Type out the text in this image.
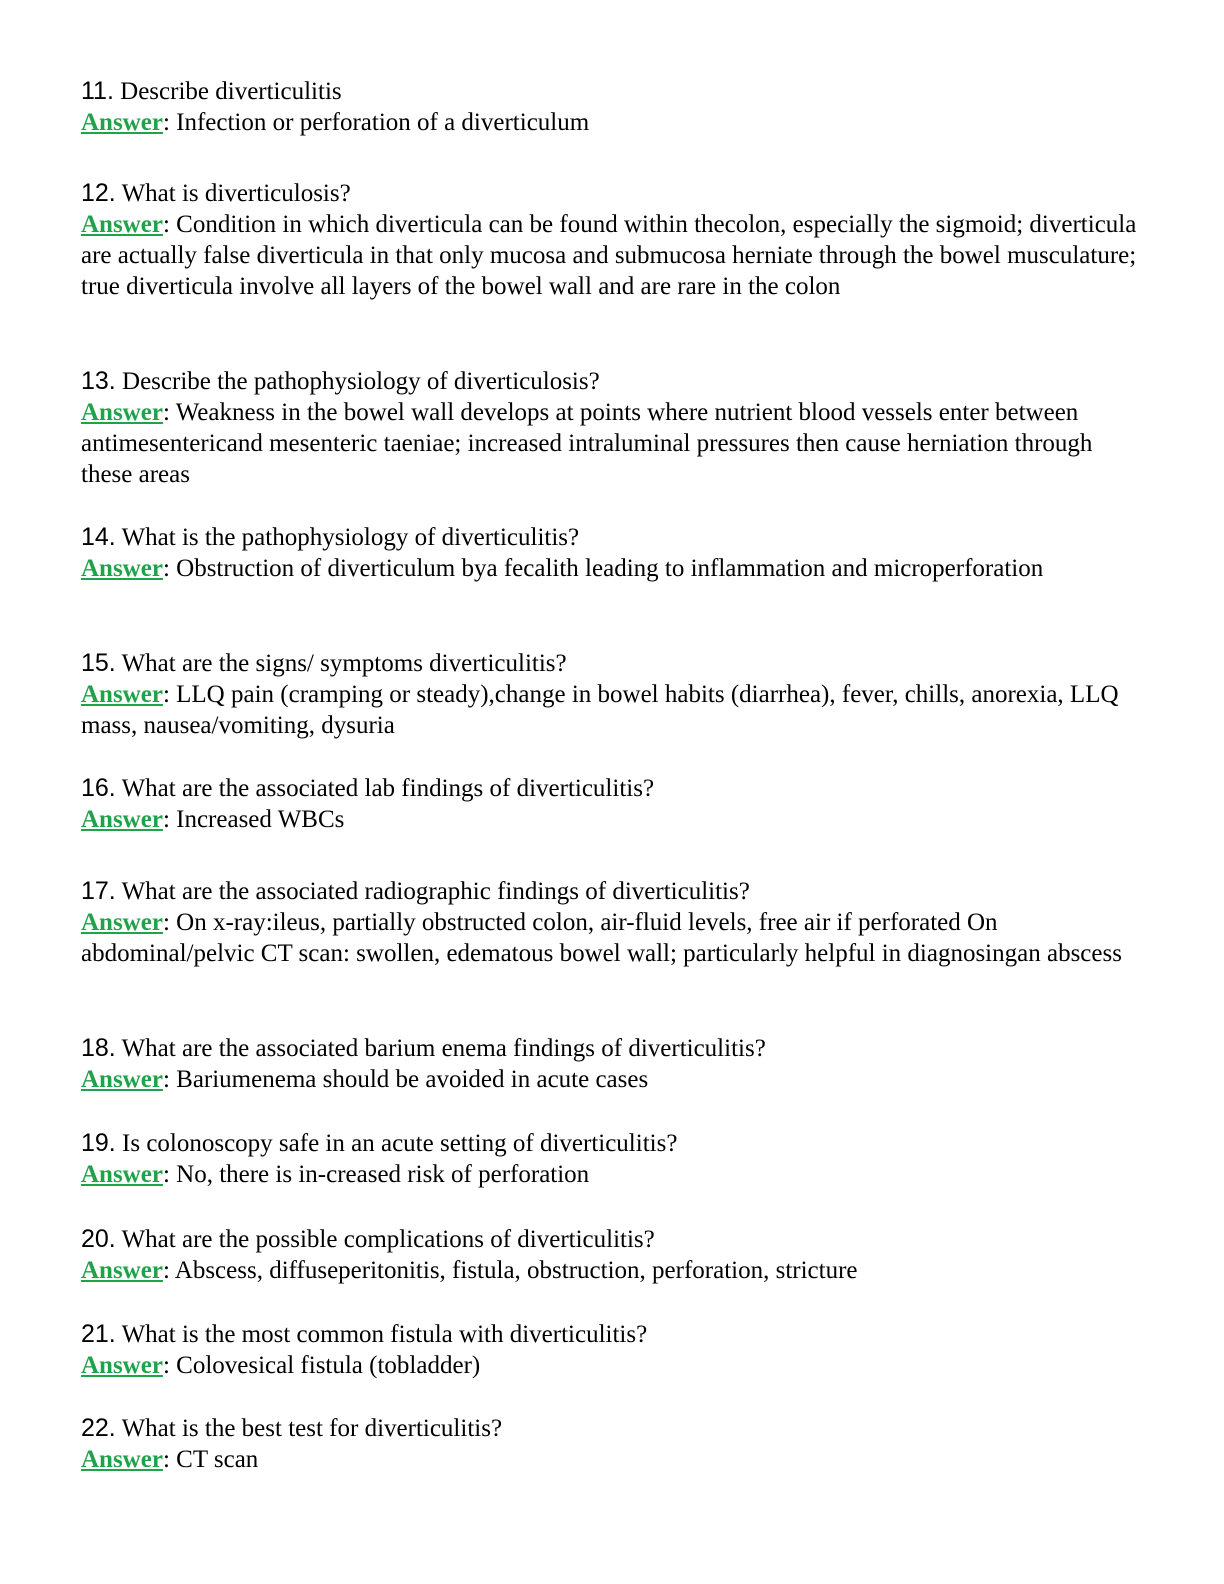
11. Describe diverticulitis

Answer: Infection or perforation of a diverticulum

12. What is diverticulosis?

Answer: Condition in which diverticula can be found within thecolon, especially the sigmoid; diverticula are actually false diverticula in that only mucosa and submucosa herniate through the bowel musculature; true diverticula involve all layers of the bowel wall and are rare in the colon

13. Describe the pathophysiology of diverticulosis?

Answer: Weakness in the bowel wall develops at points where nutrient blood vessels enter between antimesentericand mesenteric taeniae; increased intraluminal pressures then cause herniation through these areas

14. What is the pathophysiology of diverticulitis?

Answer: Obstruction of diverticulum bya fecalith leading to inflammation and microperforation

15. What are the signs/ symptoms diverticulitis?

Answer: LLQ pain (cramping or steady),change in bowel habits (diarrhea), fever, chills, anorexia, LLQ mass, nausea/vomiting, dysuria

16. What are the associated lab findings of diverticulitis?

Answer: Increased WBCs

17. What are the associated radiographic findings of diverticulitis?

Answer: On x-ray:ileus, partially obstructed colon, air-fluid levels, free air if perforated On abdominal/pelvic CT scan: swollen, edematous bowel wall; particularly helpful in diagnosingan abscess

18. What are the associated barium enema findings of diverticulitis?

Answer: Bariumenema should be avoided in acute cases

19. Is colonoscopy safe in an acute setting of diverticulitis?

Answer: No, there is in-creased risk of perforation

20. What are the possible complications of diverticulitis?

Answer: Abscess, diffuseperitonitis, fistula, obstruction, perforation, stricture

21. What is the most common fistula with diverticulitis?

Answer: Colovesical fistula (tobladder)

22. What is the best test for diverticulitis?

Answer: CT scan
